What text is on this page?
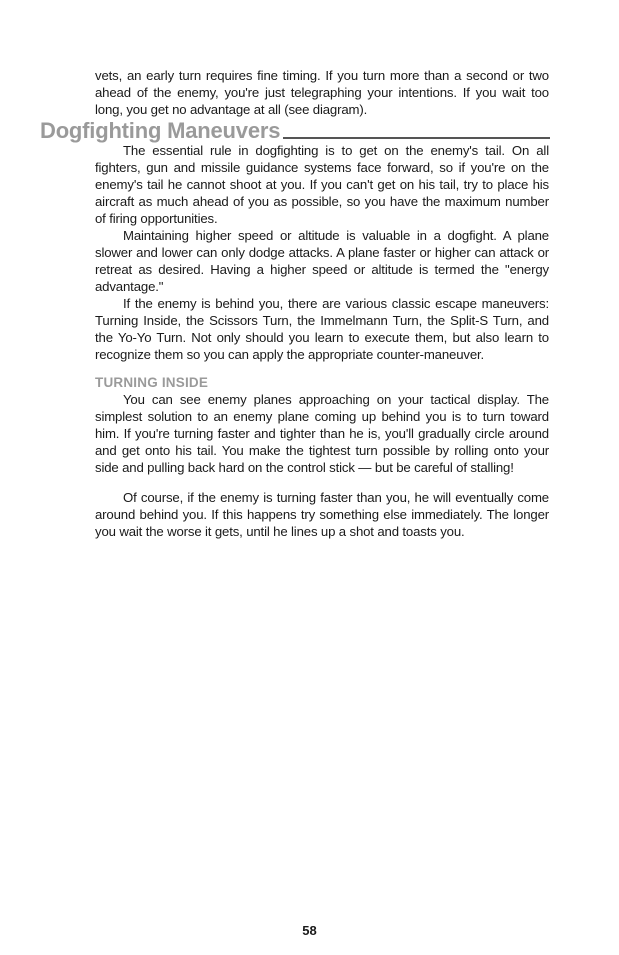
vets, an early turn requires fine timing. If you turn more than a second or two ahead of the enemy, you're just telegraphing your intentions. If you wait too long, you get no advantage at all (see diagram).

Dogfighting Maneuvers

The essential rule in dogfighting is to get on the enemy's tail. On all fighters, gun and missile guidance systems face forward, so if you're on the enemy's tail he cannot shoot at you. If you can't get on his tail, try to place his aircraft as much ahead of you as possible, so you have the maximum number of firing opportunities.

Maintaining higher speed or altitude is valuable in a dogfight. A plane slower and lower can only dodge attacks. A plane faster or higher can attack or retreat as desired. Having a higher speed or altitude is termed the "energy advantage."

If the enemy is behind you, there are various classic escape maneuvers: Turning Inside, the Scissors Turn, the Immelmann Turn, the Split-S Turn, and the Yo-Yo Turn. Not only should you learn to execute them, but also learn to recognize them so you can apply the appropriate counter-maneuver.

TURNING INSIDE

You can see enemy planes approaching on your tactical display. The simplest solution to an enemy plane coming up behind you is to turn toward him. If you're turning faster and tighter than he is, you'll gradually circle around and get onto his tail. You make the tightest turn possible by rolling onto your side and pulling back hard on the control stick — but be careful of stalling!

Of course, if the enemy is turning faster than you, he will eventually come around behind you. If this happens try something else immediately. The longer you wait the worse it gets, until he lines up a shot and toasts you.

58
